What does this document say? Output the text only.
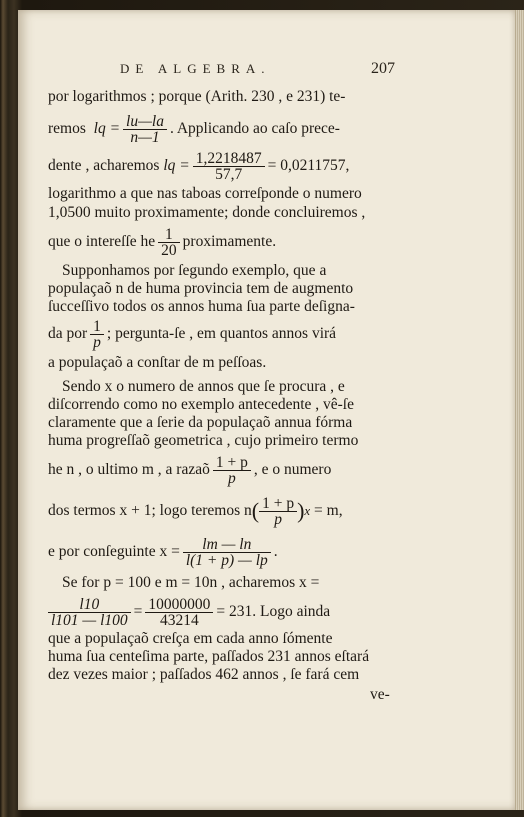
DE ALGEBRA.	207
por logarithmos ; porque (Arith. 230 , e 231) te-
remos
lq = $\frac{lu—la}{n—1}$ . Applicando ao caſo prece-
dente , acharemos
lq = $\frac{1,2218487}{57,7} = 0,0211757$,
logarithmo a que nas taboas correſponde o numero
1,0500 muito proximamente; donde concluiremos ,
que o intereſſe he $\frac{1}{20}$ proximamente.
Supponhamos por ſegundo exemplo, que a
populaçaõ n de huma provincia tem de augmento
ſucceſſivo todos os annos huma ſua parte deſigna-
da por $\frac{1}{p}$ ; pergunta-ſe , em quantos annos virá
a populaçaõ a conſtar de m peſſoas.
Sendo x o numero de annos que ſe procura , e
diſcorrendo como no exemplo antecedente , vê-ſe
claramente que a ſerie da populaçaõ annua fórma
huma progreſſaõ geometrica , cujo primeiro termo
he n , o ultimo m , a razaõ $\frac{1 + p}{p}$ , e o numero
dos termos x + 1; logo teremos n ( $\frac{1 + p}{p}$ ) x
= m,
e por conſeguinte $x = \frac{lm — \ln}{l(1 + p) — lp}$ .
Se for p = 100 e m = 10n , acharemos x =
$\frac{l10}{l101 — l100} = \frac{10000000}{43214} = 231$. Logo ainda
que a populaçaõ creſça em cada anno ſómente
huma ſua centeſima parte, paſſados 231 annos eſtará
dez vezes maior ; paſſados 462 annos , ſe fará cem
ve-
